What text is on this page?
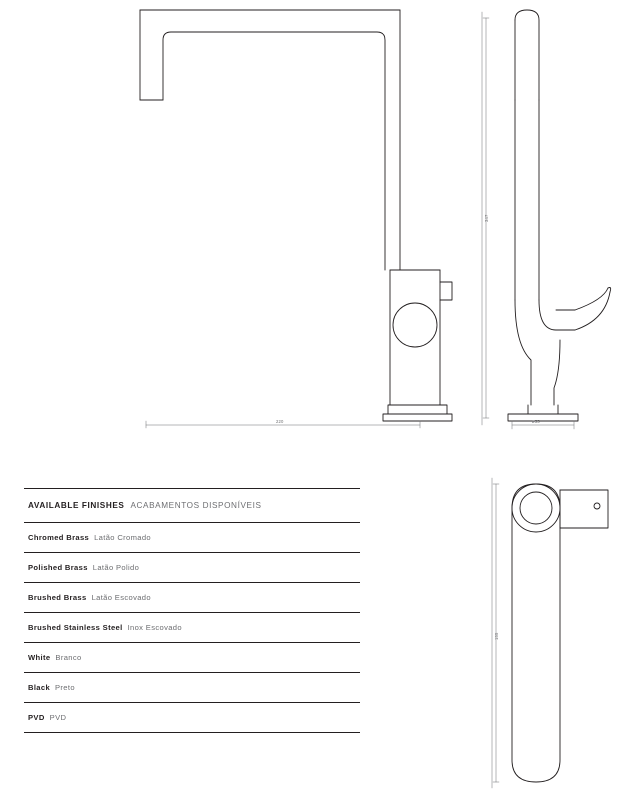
220
347
ø55
155
AVAILABLE FINISHES ACABAMENTOS DISPONÍVEIS
Chromed Brass Latão Cromado
Polished Brass Latão Polido
Brushed Brass Latão Escovado
Brushed Stainless Steel Inox Escovado
White Branco
Black Preto
PVD PVD
